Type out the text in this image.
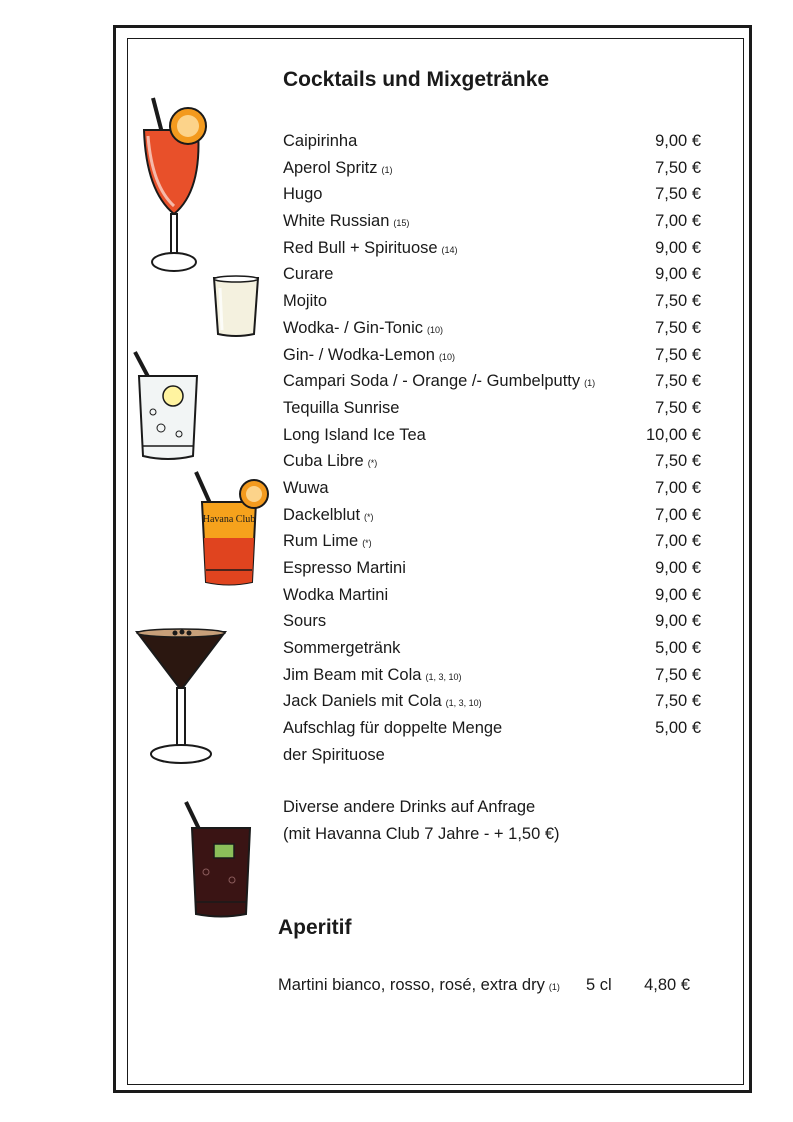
Cocktails und Mixgetränke
Caipirinha	9,00 €
Aperol Spritz (1)	7,50 €
Hugo	7,50 €
White Russian (15)	7,00 €
Red Bull + Spirituose (14)	9,00 €
Curare	9,00 €
Mojito	7,50 €
Wodka- / Gin-Tonic (10)	7,50 €
Gin- / Wodka-Lemon (10)	7,50 €
Campari Soda / - Orange /- Gumbelputty (1)	7,50 €
Tequilla Sunrise	7,50 €
Long Island Ice Tea	10,00 €
Cuba Libre (*)	7,50 €
Wuwa	7,00 €
Dackelblut (*)	7,00 €
Rum Lime (*)	7,00 €
Espresso Martini	9,00 €
Wodka Martini	9,00 €
Sours	9,00 €
Sommergetränk	5,00 €
Jim Beam mit Cola (1, 3, 10)	7,50 €
Jack Daniels mit Cola (1, 3, 10)	7,50 €
Aufschlag für doppelte Menge	5,00 €
der Spirituose
Diverse andere Drinks auf Anfrage
(mit Havanna Club 7 Jahre - + 1,50 €)
Aperitif
Martini bianco, rosso, rosé, extra dry (1) 5 cl 4,80 €
Havana Club
